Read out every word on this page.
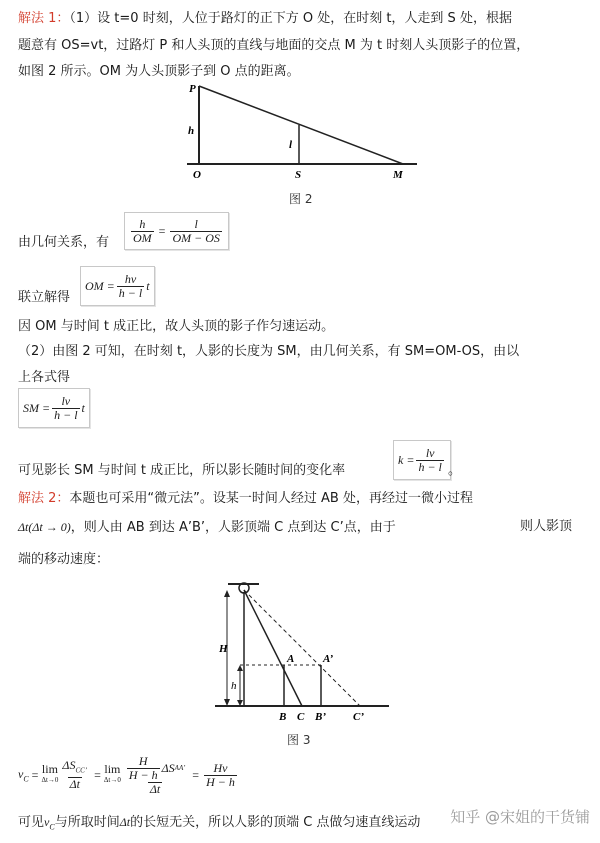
解法 1：（1）设 t=0 时刻，人位于路灯的正下方 O 处，在时刻 t，人走到 S 处，根据
题意有 OS=vt，过路灯 P 和人头顶的直线与地面的交点 M 为 t 时刻人头顶影子的位置，
如图 2 所示。OM 为人头顶影子到 O 点的距离。
P
h
l
O	S	M
图 2
由几何关系，有 $\frac{h}{OM} = \frac{l}{OM - OS}$
联立解得
OM = $\frac{hv}{h - l}$ t
因 OM 与时间 t 成正比，故人头顶的影子作匀速运动。
（2）由图 2 可知，在时刻 t，人影的长度为 SM，由几何关系，有 SM=OM-OS，由以
上各式得
SM = $\frac{lv}{h - l}$ t
可见影长 SM 与时间 t 成正比，所以影长随时间的变化率
$k = \frac{lv}{h - l}$ 。
解法 2：本题也可采用“微元法”。设某一时间人经过 AB 处，再经过一微小过程
Δt(Δt → 0)，则人由 AB 到达 A’B’，人影顶端 C 点到达 C’点，由于	则人影顶
端的移动速度：
H
h
A	A’
B C B’ C’
图 3
$v_C = \lim$
$\Delta t\to 0 \frac{\Delta S_{CC’}}{\Delta t} = \lim$
$\Delta t\to 0 \frac{\frac{H}{H - h} \Delta S AA’}{\Delta t} = \frac{Hv}{H - h}$
可见$v_C$与所取时间Δt的长短无关，所以人影的顶端 C 点做匀速直线运动 知乎 @宋姐的干货铺
